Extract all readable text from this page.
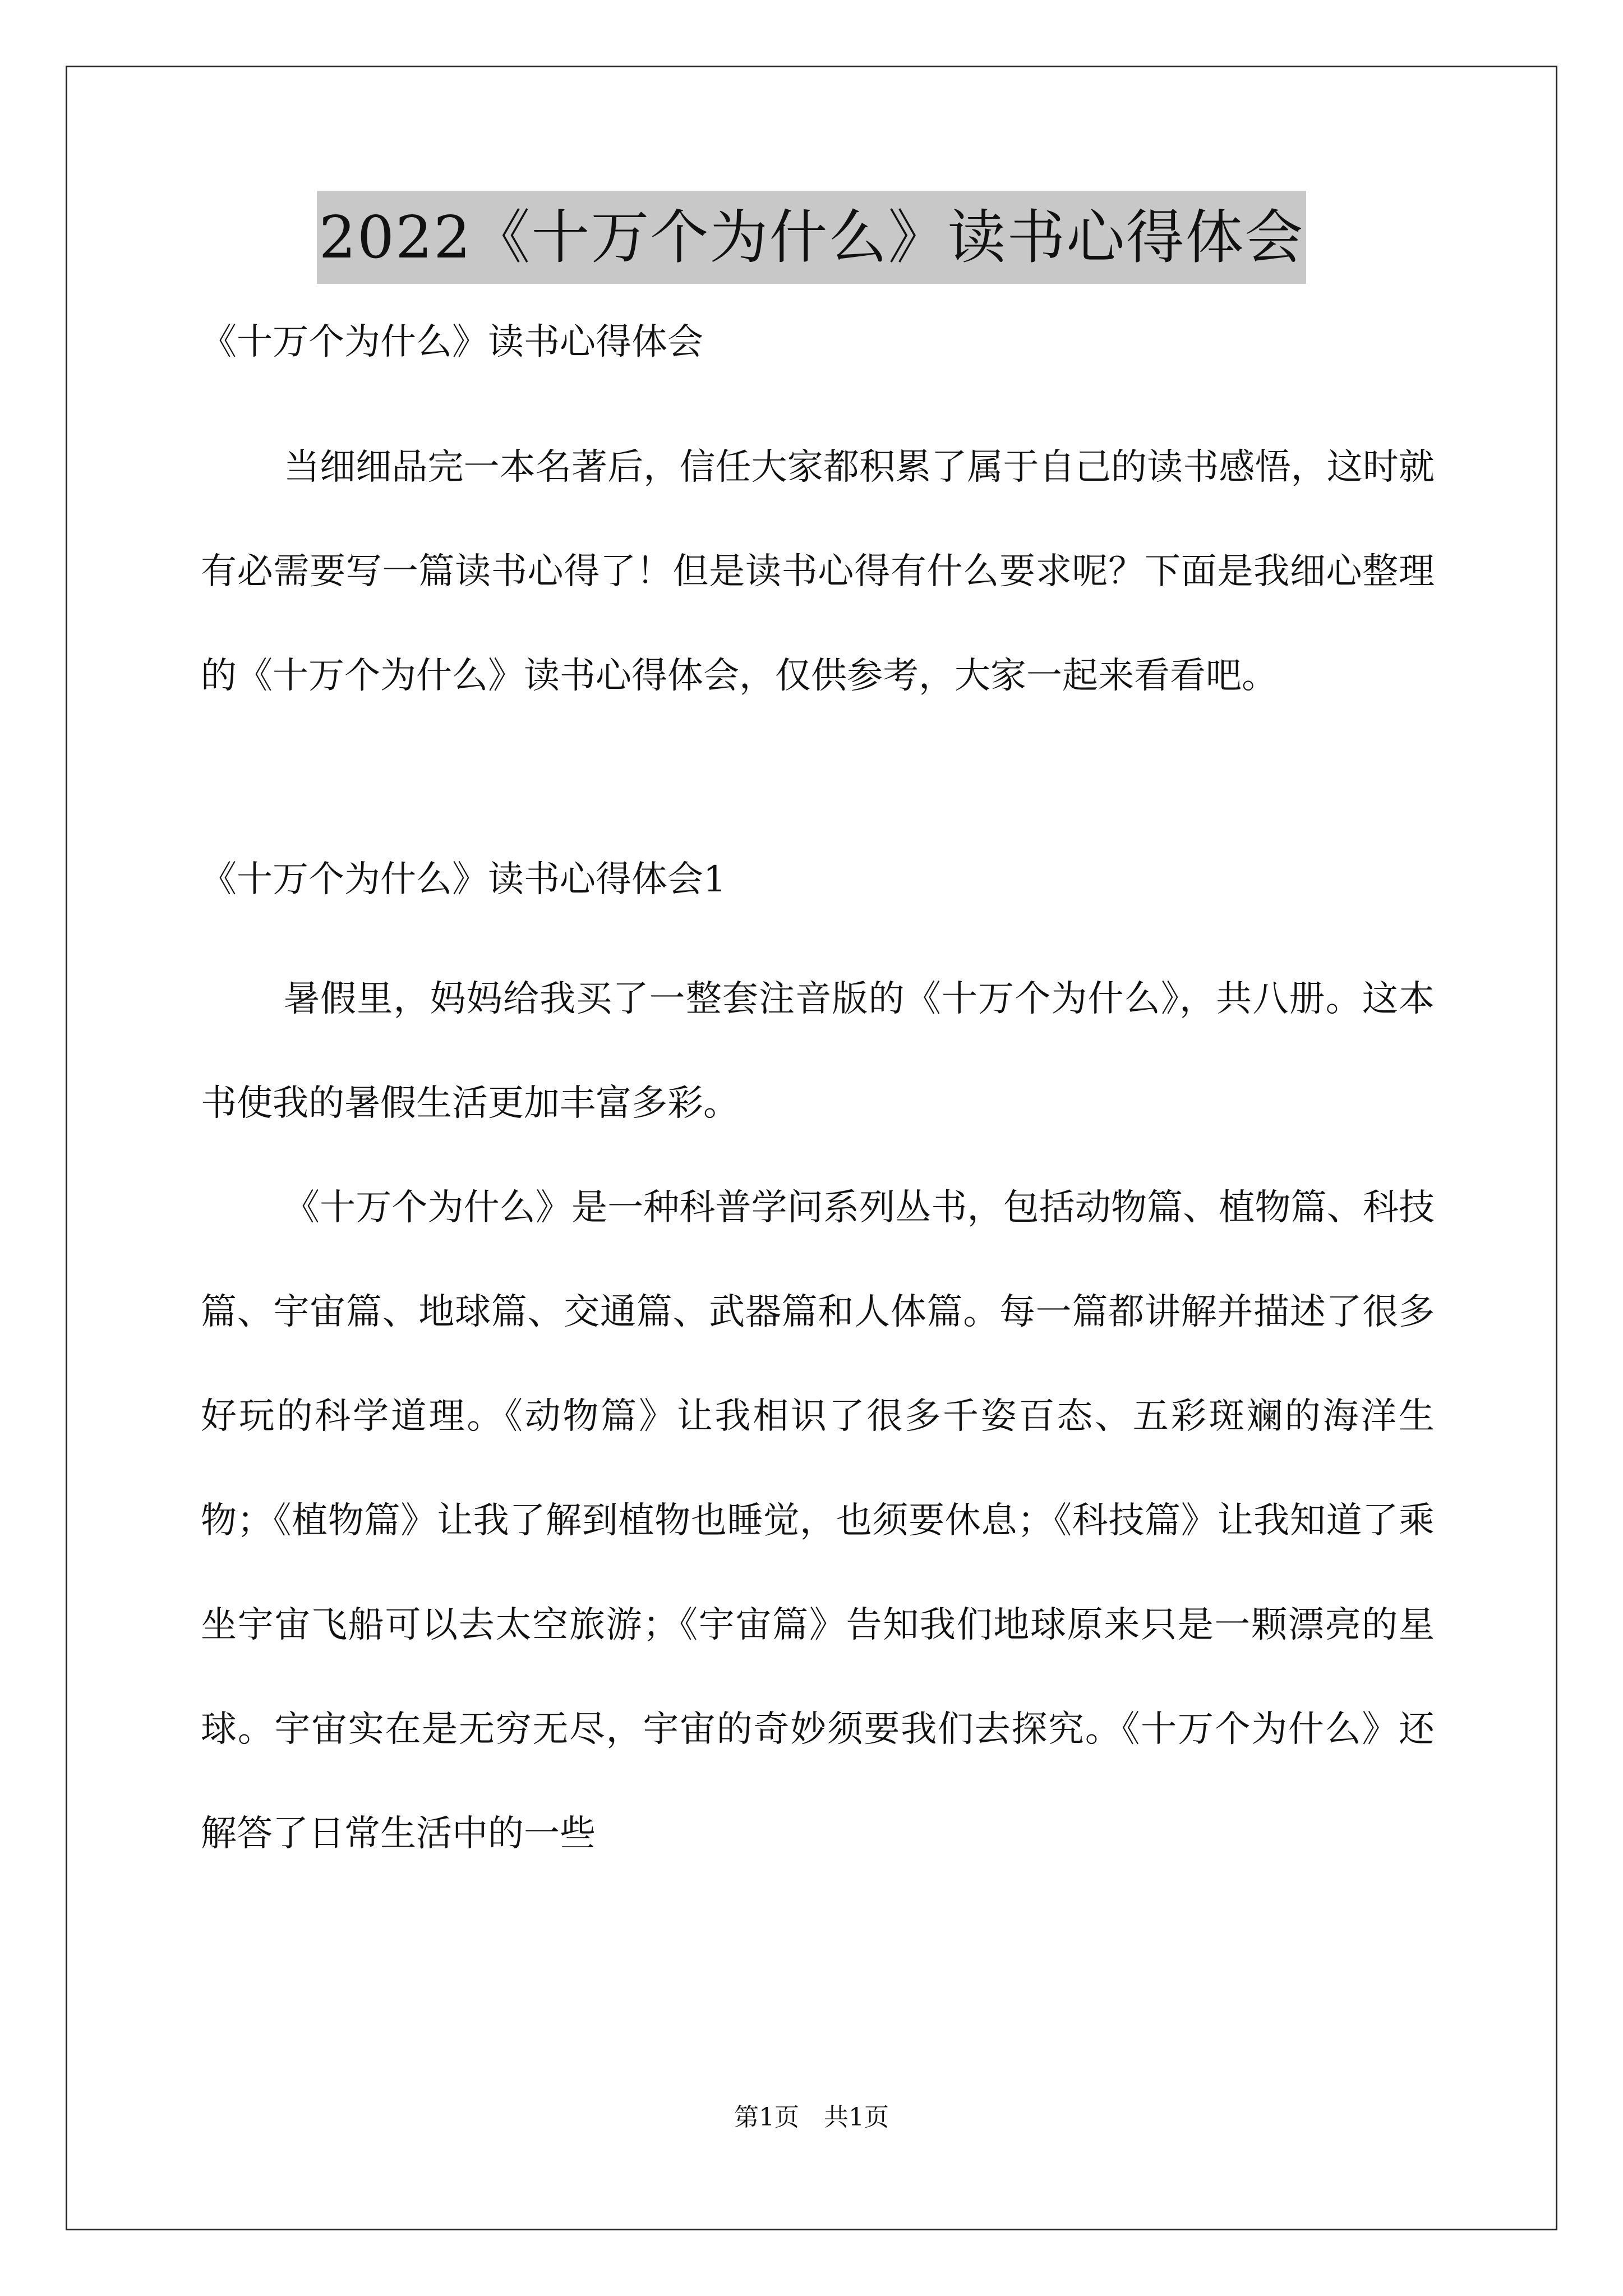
2022《十万个为什么》读书心得体会

《十万个为什么》读书心得体会

当细细品完一本名著后，信任大家都积累了属于自己的读书感悟，这时就有必需要写一篇读书心得了！但是读书心得有什么要求呢？下面是我细心整理的《十万个为什么》读书心得体会，仅供参考，大家一起来看看吧。

《十万个为什么》读书心得体会1

暑假里，妈妈给我买了一整套注音版的《十万个为什么》，共八册。这本书使我的暑假生活更加丰富多彩。

《十万个为什么》是一种科普学问系列丛书，包括动物篇、植物篇、科技篇、宇宙篇、地球篇、交通篇、武器篇和人体篇。每一篇都讲解并描述了很多好玩的科学道理。《动物篇》让我相识了很多千姿百态、五彩斑斓的海洋生物；《植物篇》让我了解到植物也睡觉，也须要休息；《科技篇》让我知道了乘坐宇宙飞船可以去太空旅游；《宇宙篇》告知我们地球原来只是一颗漂亮的星球。宇宙实在是无穷无尽，宇宙的奇妙须要我们去探究。《十万个为什么》还解答了日常生活中的一些

第1页　共1页
